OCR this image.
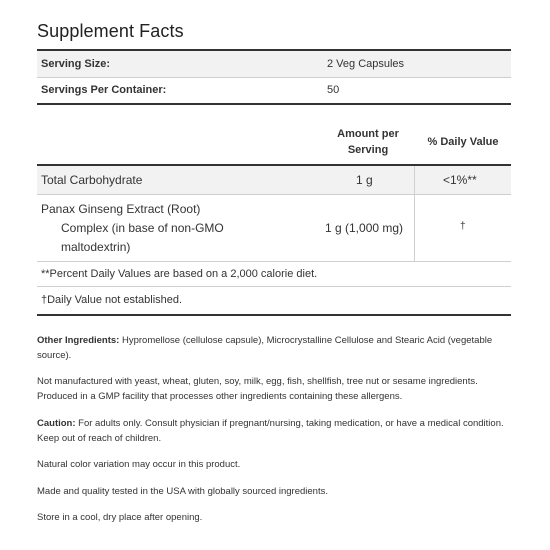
Supplement Facts
Serving Size:	2 Veg Capsules
Servings Per Container:	50
Amount per
Serving
% Daily Value
Total Carbohydrate	1 g	<1%**
Panax Ginseng Extract (Root)
Complex (in base of non-GMO
maltodextrin)
1 g (1,000 mg)	†
**Percent Daily Values are based on a 2,000 calorie diet.
†Daily Value not established.
Other Ingredients: Hypromellose (cellulose capsule), Microcrystalline Cellulose and Stearic Acid (vegetable source).
Not manufactured with yeast, wheat, gluten, soy, milk, egg, fish, shellfish, tree nut or sesame ingredients. Produced in a GMP facility that processes other ingredients containing these allergens.
Caution: For adults only. Consult physician if pregnant/nursing, taking medication, or have a medical condition. Keep out of reach of children.
Natural color variation may occur in this product.
Made and quality tested in the USA with globally sourced ingredients.
Store in a cool, dry place after opening.
